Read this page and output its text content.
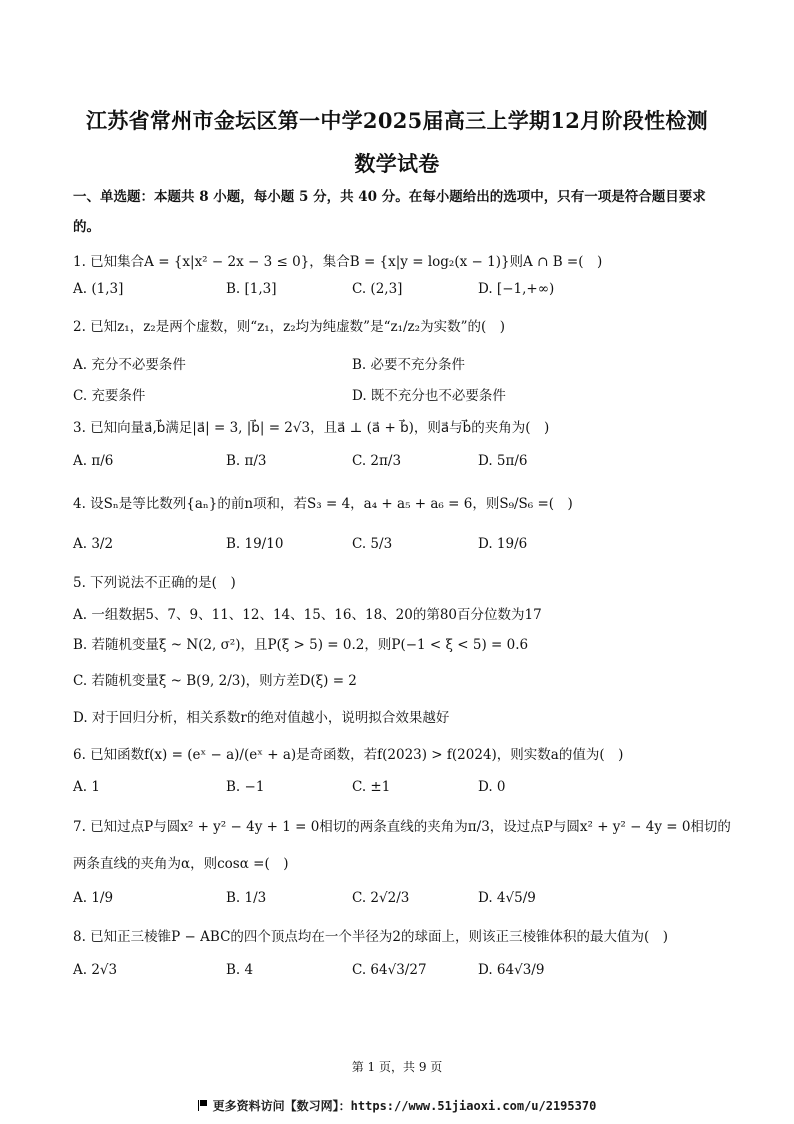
江苏省常州市金坛区第一中学2025届高三上学期12月阶段性检测
数学试卷
一、单选题：本题共 8 小题，每小题 5 分，共 40 分。在每小题给出的选项中，只有一项是符合题目要求的。
1. 已知集合A = {x|x² − 2x − 3 ≤ 0}，集合B = {x|y = log₂(x − 1)}则A ∩ B =(　)
A. (1,3]	B. [1,3]	C. (2,3]	D. [−1,+∞)
2. 已知z₁，z₂是两个虚数，则“z₁，z₂均为纯虚数”是“z₁/z₂为实数”的(　)
A. 充分不必要条件	B. 必要不充分条件
C. 充要条件	D. 既不充分也不必要条件
3. 已知向量a⃗,b⃗满足|a⃗| = 3, |b⃗| = 2√3，且a⃗ ⊥ (a⃗ + b⃗)，则a⃗与b⃗的夹角为(　)
A. π/6	B. π/3	C. 2π/3	D. 5π/6
4. 设Sₙ是等比数列{aₙ}的前n项和，若S₃ = 4，a₄ + a₅ + a₆ = 6，则S₉/S₆ =(　)
A. 3/2	B. 19/10	C. 5/3	D. 19/6
5. 下列说法不正确的是(　)
A. 一组数据5、7、9、11、12、14、15、16、18、20的第80百分位数为17
B. 若随机变量ξ ~ N(2, σ²)，且P(ξ > 5) = 0.2，则P(−1 < ξ < 5) = 0.6
C. 若随机变量ξ ~ B(9, 2/3)，则方差D(ξ) = 2
D. 对于回归分析，相关系数r的绝对值越小，说明拟合效果越好
6. 已知函数f(x) = (eˣ − a)/(eˣ + a)是奇函数，若f(2023) > f(2024)，则实数a的值为(　)
A. 1	B. −1	C. ±1	D. 0
7. 已知过点P与圆x² + y² − 4y + 1 = 0相切的两条直线的夹角为π/3，设过点P与圆x² + y² − 4y = 0相切的
两条直线的夹角为α，则cosα =(　)
A. 1/9	B. 1/3	C. 2√2/3	D. 4√5/9
8. 已知正三棱锥P − ABC的四个顶点均在一个半径为2的球面上，则该正三棱锥体积的最大值为(　)
A. 2√3	B. 4	C. 64√3/27	D. 64√3/9
第 1 页，共 9 页
更多资料访问【数习网】：https://www.51jiaoxi.com/u/2195370
